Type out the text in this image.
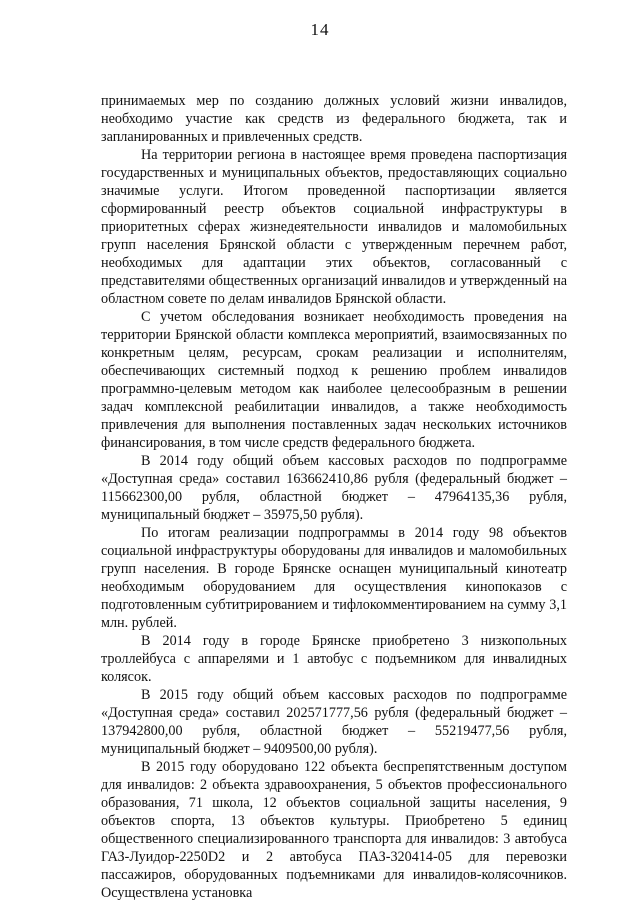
14

принимаемых мер по созданию должных условий жизни инвалидов, необходимо участие как средств из федерального бюджета, так и запланированных и привлеченных средств.

На территории региона в настоящее время проведена паспортизация государственных и муниципальных объектов, предоставляющих социально значимые услуги. Итогом проведенной паспортизации является сформированный реестр объектов социальной инфраструктуры в приоритетных сферах жизнедеятельности инвалидов и маломобильных групп населения Брянской области с утвержденным перечнем работ, необходимых для адаптации этих объектов, согласованный с представителями общественных организаций инвалидов и утвержденный на областном совете по делам инвалидов Брянской области.

С учетом обследования возникает необходимость проведения на территории Брянской области комплекса мероприятий, взаимосвязанных по конкретным целям, ресурсам, срокам реализации и исполнителям, обеспечивающих системный подход к решению проблем инвалидов программно-целевым методом как наиболее целесообразным в решении задач комплексной реабилитации инвалидов, а также необходимость привлечения для выполнения поставленных задач нескольких источников финансирования, в том числе средств федерального бюджета.

В 2014 году общий объем кассовых расходов по подпрограмме «Доступная среда» составил 163662410,86 рубля (федеральный бюджет – 115662300,00 рубля, областной бюджет – 47964135,36 рубля, муниципальный бюджет – 35975,50 рубля).

По итогам реализации подпрограммы в 2014 году 98 объектов социальной инфраструктуры оборудованы для инвалидов и маломобильных групп населения. В городе Брянске оснащен муниципальный кинотеатр необходимым оборудованием для осуществления кинопоказов с подготовленным субтитрированием и тифлокомментированием на сумму 3,1 млн. рублей.

В 2014 году в городе Брянске приобретено 3 низкопольных троллейбуса с аппарелями и 1 автобус с подъемником для инвалидных колясок.

В 2015 году общий объем кассовых расходов по подпрограмме «Доступная среда» составил 202571777,56 рубля (федеральный бюджет – 137942800,00 рубля, областной бюджет – 55219477,56 рубля, муниципальный бюджет – 9409500,00 рубля).

В 2015 году оборудовано 122 объекта беспрепятственным доступом для инвалидов: 2 объекта здравоохранения, 5 объектов профессионального образования, 71 школа, 12 объектов социальной защиты населения, 9 объектов спорта, 13 объектов культуры. Приобретено 5 единиц общественного специализированного транспорта для инвалидов: 3 автобуса ГАЗ-Луидор-2250D2 и 2 автобуса ПАЗ-320414-05 для перевозки пассажиров, оборудованных подъемниками для инвалидов-колясочников. Осуществлена установка
